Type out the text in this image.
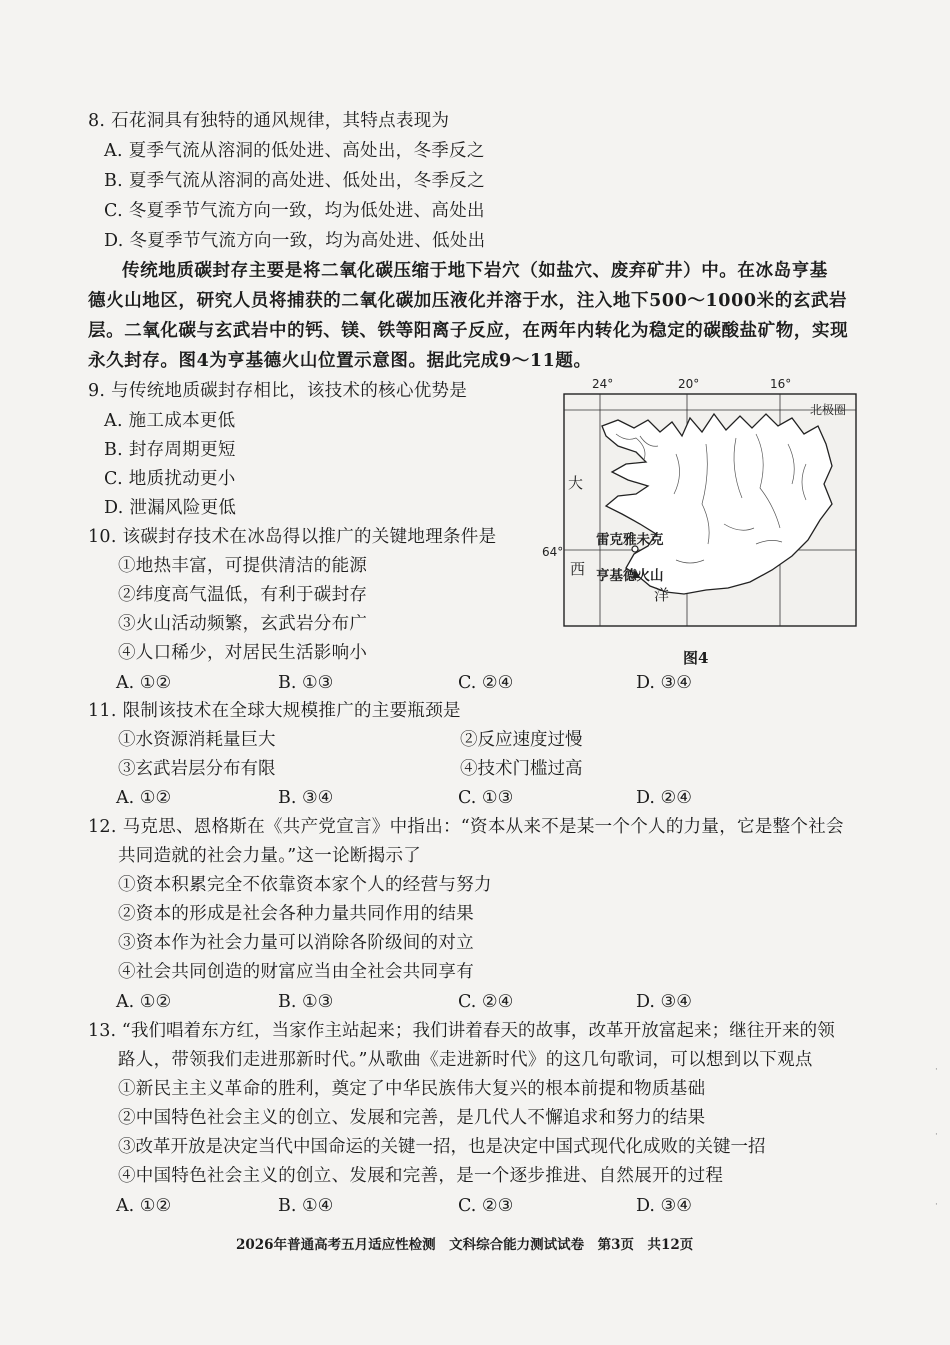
8. 石花洞具有独特的通风规律，其特点表现为
A. 夏季气流从溶洞的低处进、高处出，冬季反之
B. 夏季气流从溶洞的高处进、低处出，冬季反之
C. 冬夏季节气流方向一致，均为低处进、高处出
D. 冬夏季节气流方向一致，均为高处进、低处出
传统地质碳封存主要是将二氧化碳压缩于地下岩穴（如盐穴、废弃矿井）中。在冰岛亨基
德火山地区，研究人员将捕获的二氧化碳加压液化并溶于水，注入地下500～1000米的玄武岩
层。二氧化碳与玄武岩中的钙、镁、铁等阳离子反应，在两年内转化为稳定的碳酸盐矿物，实现
永久封存。图4为亨基德火山位置示意图。据此完成9～11题。
9. 与传统地质碳封存相比，该技术的核心优势是
A. 施工成本更低
B. 封存周期更短
C. 地质扰动更小
D. 泄漏风险更低
10. 该碳封存技术在冰岛得以推广的关键地理条件是
①地热丰富，可提供清洁的能源
②纬度高气温低，有利于碳封存
③火山活动频繁，玄武岩分布广
④人口稀少，对居民生活影响小
A. ①②	B. ①③	C. ②④	D. ③④
11. 限制该技术在全球大规模推广的主要瓶颈是
①水资源消耗量巨大	②反应速度过慢
③玄武岩层分布有限	④技术门槛过高
A. ①②	B. ③④	C. ①③	D. ②④
12. 马克思、恩格斯在《共产党宣言》中指出：“资本从来不是某一个个人的力量，它是整个社会
共同造就的社会力量。”这一论断揭示了
①资本积累完全不依靠资本家个人的经营与努力
②资本的形成是社会各种力量共同作用的结果
③资本作为社会力量可以消除各阶级间的对立
④社会共同创造的财富应当由全社会共同享有
A. ①②	B. ①③	C. ②④	D. ③④
13. “我们唱着东方红，当家作主站起来；我们讲着春天的故事，改革开放富起来；继往开来的领
路人，带领我们走进那新时代。”从歌曲《走进新时代》的这几句歌词，可以想到以下观点
①新民主主义革命的胜利，奠定了中华民族伟大复兴的根本前提和物质基础
②中国特色社会主义的创立、发展和完善，是几代人不懈追求和努力的结果
③改革开放是决定当代中国命运的关键一招，也是决定中国式现代化成败的关键一招
④中国特色社会主义的创立、发展和完善，是一个逐步推进、自然展开的过程
A. ①②	B. ①④	C. ②③	D. ③④
24°	20°	16°
北极圈
64°
大
西
洋
雷克雅未克
亨基德火山
图4
2026年普通高考五月适应性检测　文科综合能力测试试卷　第3页　共12页
·
·
·
